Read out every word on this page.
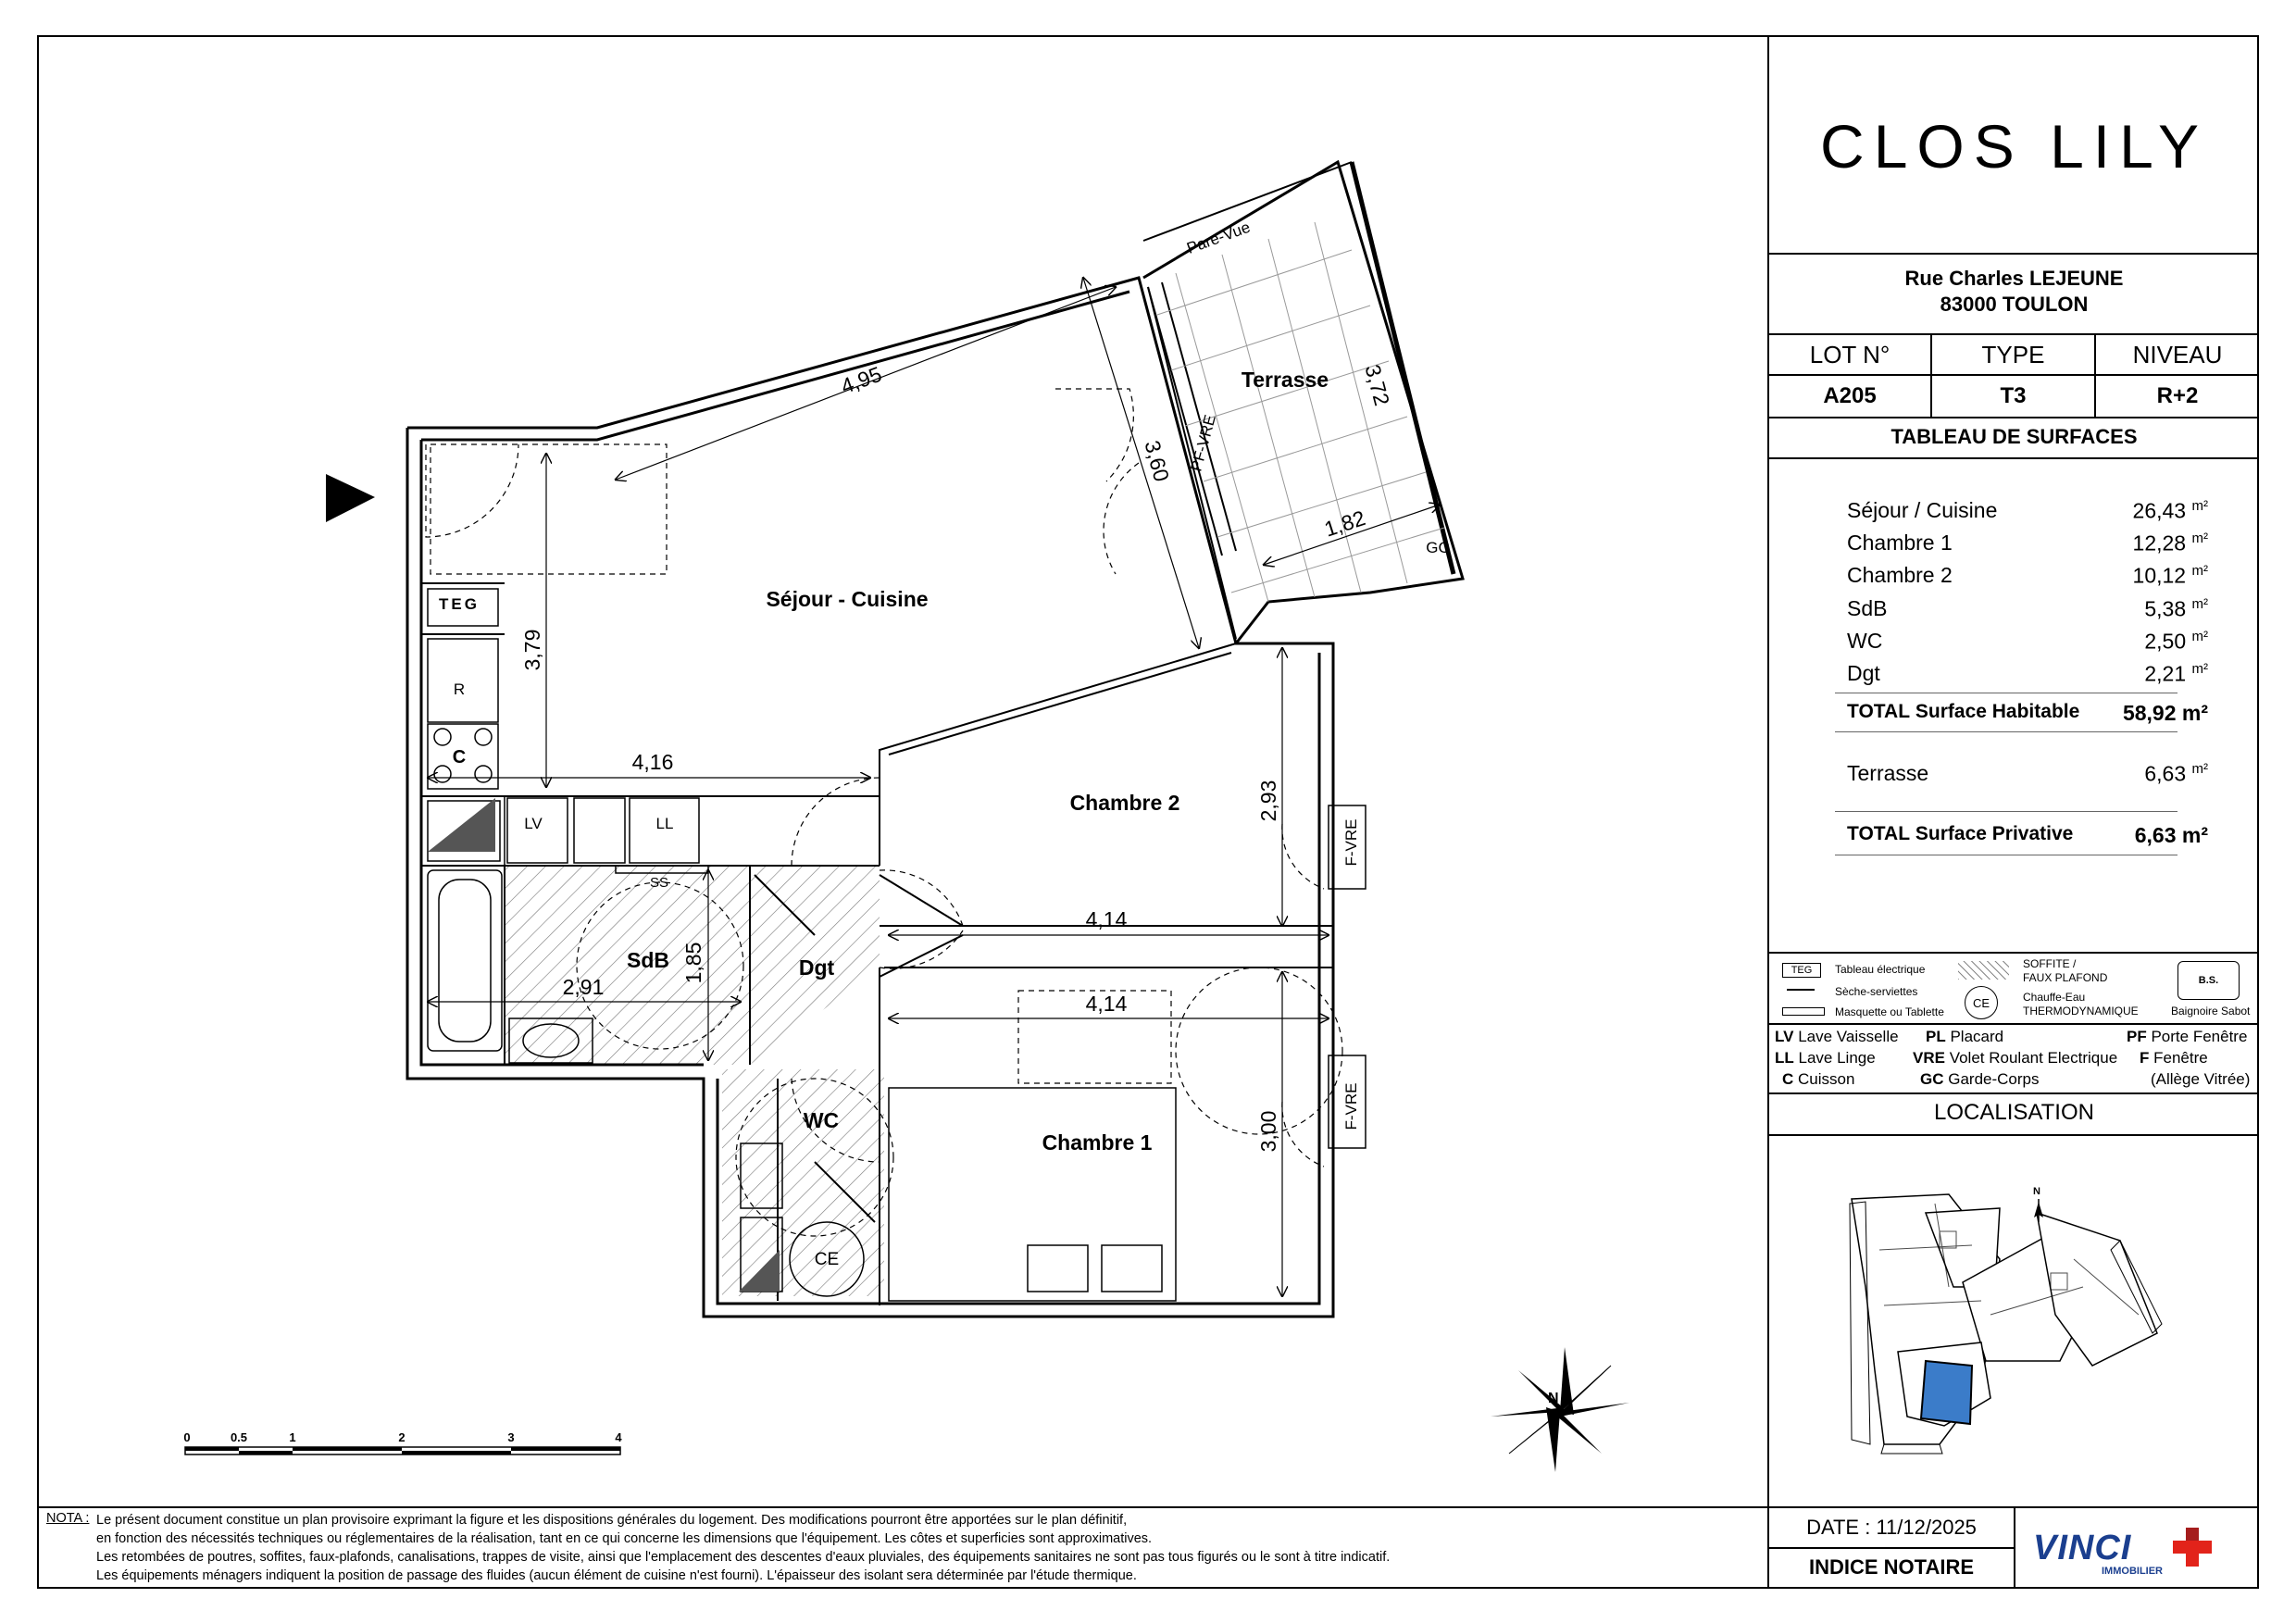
Séjour - Cuisine
Terrasse
Chambre 2
Chambre 1
SdB	Dgt
WC
Pare-Vue
PF-VRE
F-VRE
F-VRE
GC
TEG
R
C
LV	LL
SS
CE
4,95
3,60
3,72
1,82
3,79
4,16
2,93
4,14
4,14
1,85
2,91
3,00
N
0	0.5	1	2	3	4
CLOS LILY
Rue Charles LEJEUNE
83000 TOULON
LOT N°	TYPE	NIVEAU
A205	T3	R+2
TABLEAU DE SURFACES
Séjour / Cuisine	26,43 $^{m^2}$
Chambre 1	12,28 $^{m^2}$
Chambre 2	10,12 $^{m^2}$
SdB	5,38 $^{m^2}$
WC	2,50 $^{m^2}$
Dgt	2,21 $^{m^2}$
TOTAL Surface Habitable 58,92 m²
Terrasse	6,63 $^{m^2}$
TOTAL Surface Privative	6,63 m²
TEG	Tableau électrique
Sèche-serviettes
Masquette ou Tablette
SOFFITE /
FAUX PLAFOND
CE	Chauffe-Eau
THERMODYNAMIQUE
B.S.
Baignoire Sabot
LV Lave Vaisselle
LL Lave Linge
C Cuisson
PL Placard
VRE Volet Roulant Electrique
GC Garde-Corps
PF Porte Fenêtre
F Fenêtre
(Allège Vitrée)
LOCALISATION
N
DATE : 11/12/2025
INDICE NOTAIRE	VINCI
IMMOBILIER
NOTA : Le présent document constitue un plan provisoire exprimant la figure et les dispositions générales du logement. Des modifications pourront être apportées sur le plan définitif,
en fonction des nécessités techniques ou réglementaires de la réalisation, tant en ce qui concerne les dimensions que l'équipement. Les côtes et superficies sont approximatives.
Les retombées de poutres, soffites, faux-plafonds, canalisations, trappes de visite, ainsi que l'emplacement des descentes d'eaux pluviales, des équipements sanitaires ne sont pas tous figurés ou le sont à titre indicatif.
Les équipements ménagers indiquent la position de passage des fluides (aucun élément de cuisine n'est fourni). L'épaisseur des isolant sera déterminée par l'étude thermique.
